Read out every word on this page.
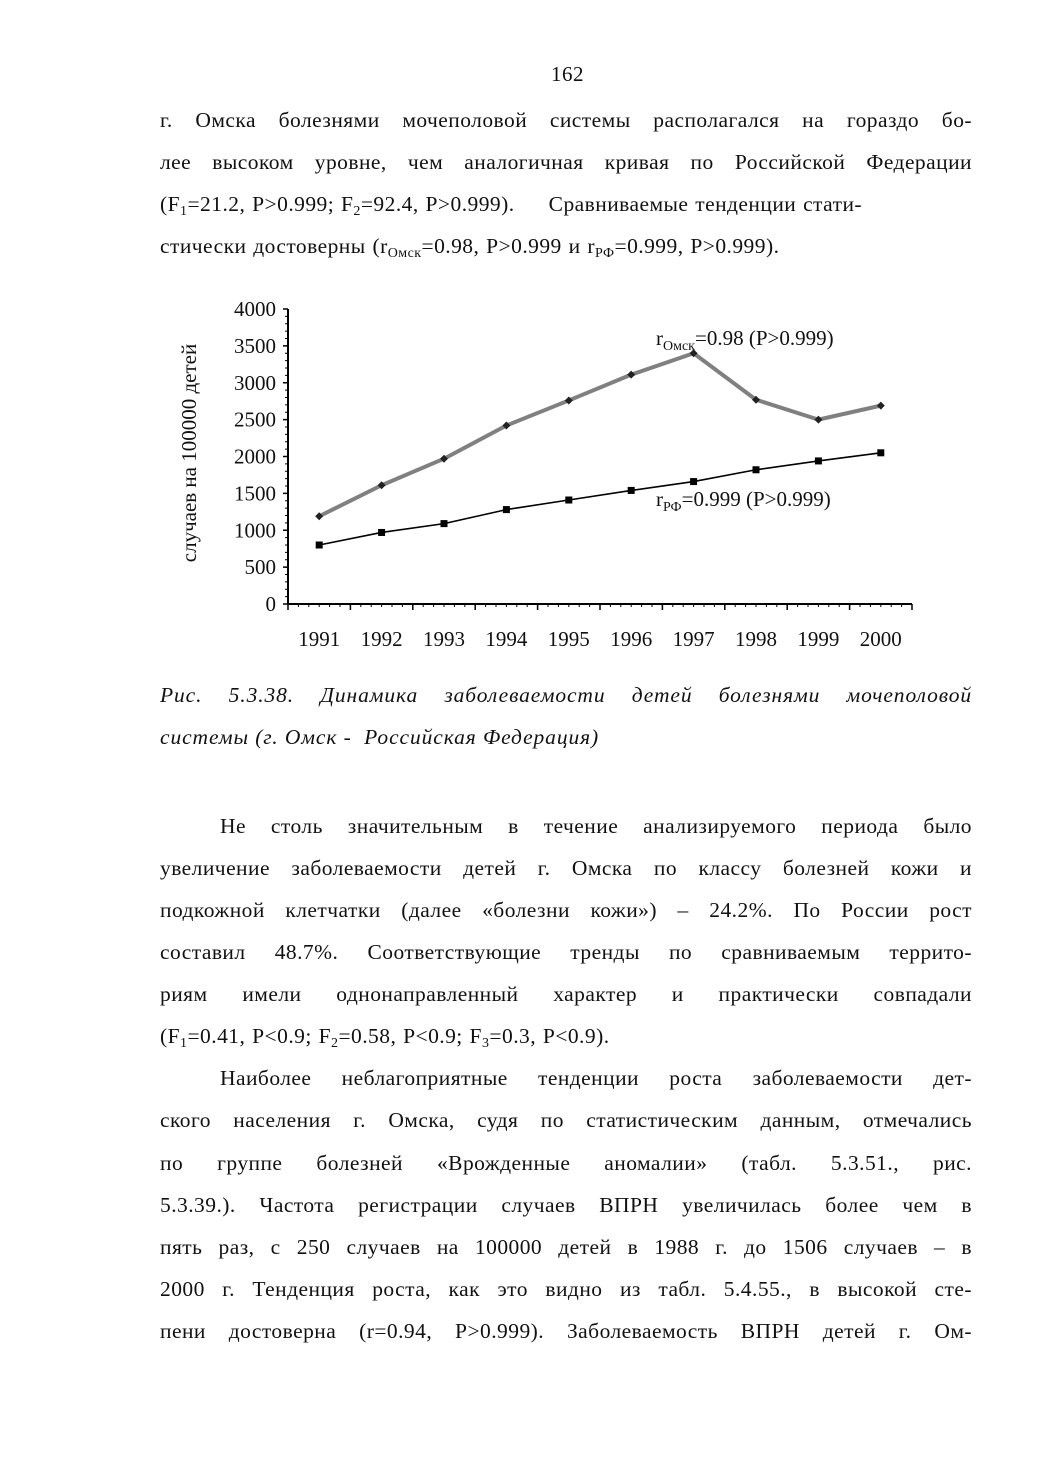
162
г. Омска болезнями мочеполовой системы располагался на гораздо бо-
лее высоком уровне, чем аналогичная кривая по Российской Федерации
($F_1=21.2$, P>0.999; $F_2=92.4$, P>0.999).     Сравниваемые тенденции стати-
стически достоверны ($r_{Омск}=0.98$, P>0.999 и $r_{РФ}=0.999$, P>0.999).
0
500
1000
1500
2000
2500
3000
3500
4000
1991 1992 1993 1994 1995 1996 1997 1998 1999 2000
случаев на 100000 детей
$r_{Омск}=0.98$ (P>0.999)
$r_{РФ}=0.999$ (P>0.999)
Рис. 5.3.38. Динамика заболеваемости детей болезнями мочеполовой
системы (г. Омск -  Российская Федерация)
Не столь значительным в течение анализируемого периода было
увеличение заболеваемости детей г. Омска по классу болезней кожи и
подкожной клетчатки (далее «болезни кожи») – 24.2%. По России рост
составил 48.7%. Соответствующие тренды по сравниваемым террито-
риям имели однонаправленный характер и практически совпадали
($F_1=0.41$, P<0.9; $F_2=0.58$, P<0.9; $F_3=0.3$, P<0.9).
Наиболее неблагоприятные тенденции роста заболеваемости дет-
ского населения г. Омска, судя по статистическим данным, отмечались
по группе болезней «Врожденные аномалии» (табл. 5.3.51., рис.
5.3.39.). Частота регистрации случаев ВПРН увеличилась более чем в
пять раз, с 250 случаев на 100000 детей в 1988 г. до 1506 случаев – в
2000 г. Тенденция роста, как это видно из табл. 5.4.55., в высокой сте-
пени достоверна (r=0.94, P>0.999). Заболеваемость ВПРН детей г. Ом-
